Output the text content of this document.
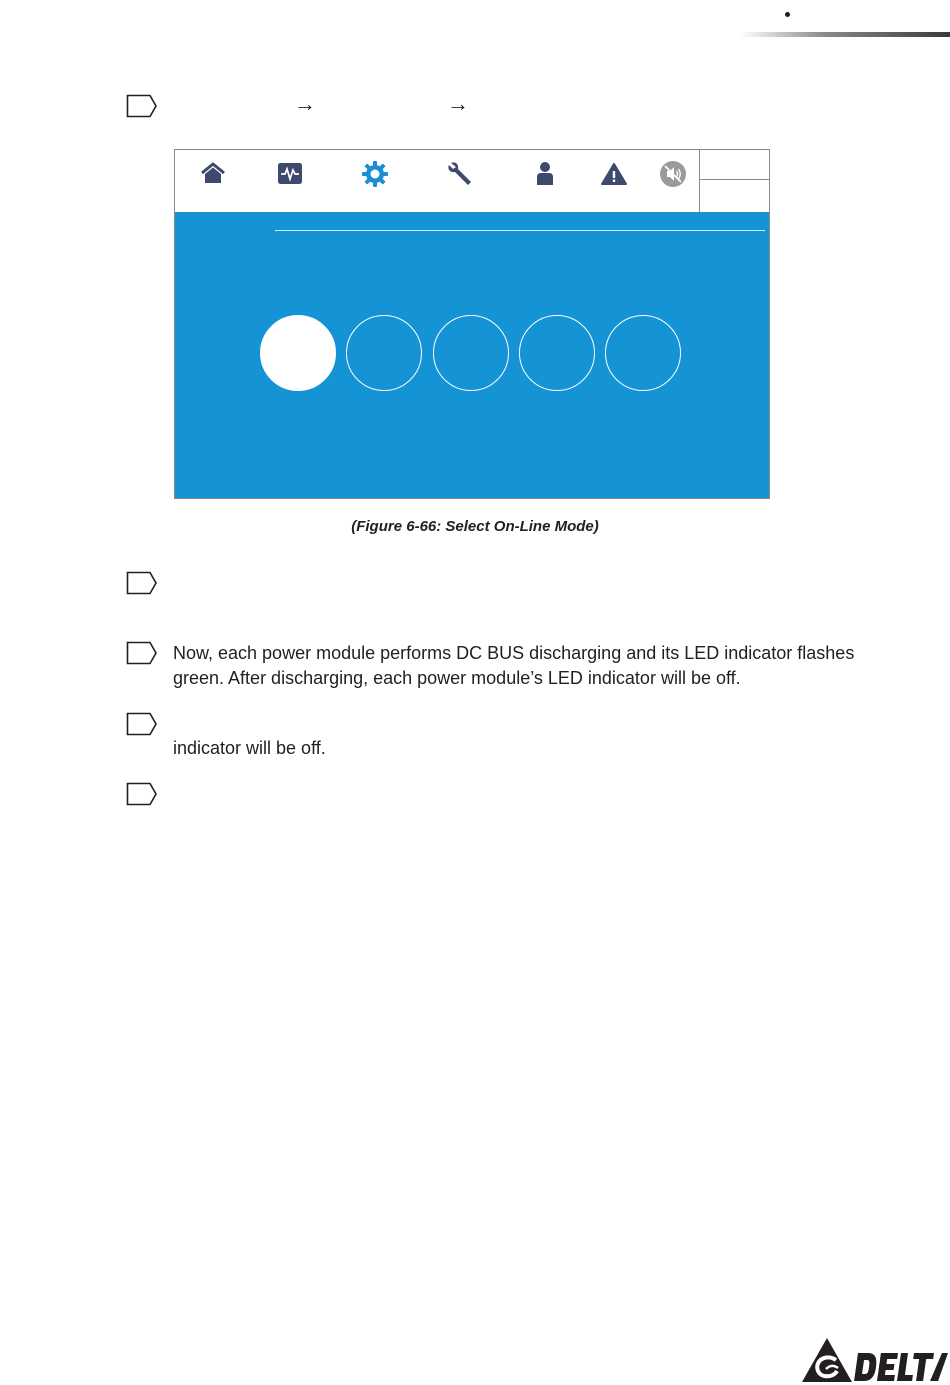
→	→
(Figure 6-66: Select On-Line Mode)
Now, each power module performs DC BUS discharging and its LED indicator flashes
green. After discharging, each power module’s LED indicator will be off.
indicator will be off.
